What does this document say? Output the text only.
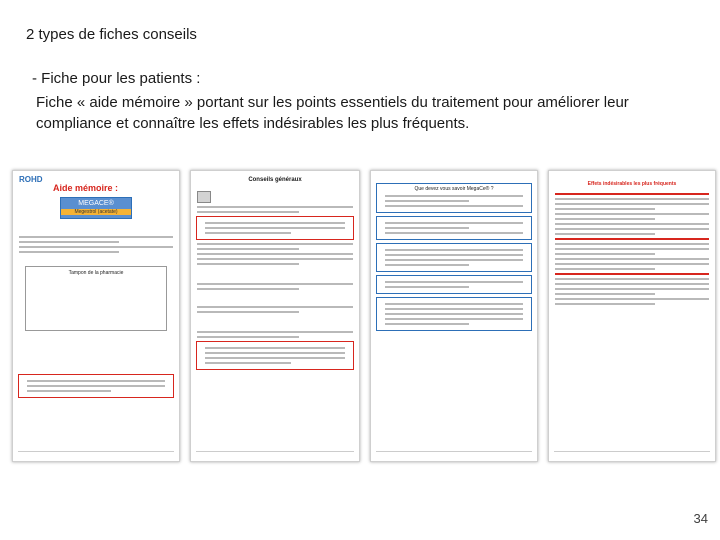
2 types de fiches conseils
- Fiche pour les patients :
Fiche « aide mémoire » portant sur les points essentiels du traitement pour améliorer leur compliance et connaître les effets indésirables les plus fréquents.
ROHD
Aide mémoire :
MEGACE®
Megestrol (acetate)
Tampon de la pharmacie
Conseils généraux
Que devez vous savoir MegaCe® ?
Effets indésirables les plus fréquents
34
